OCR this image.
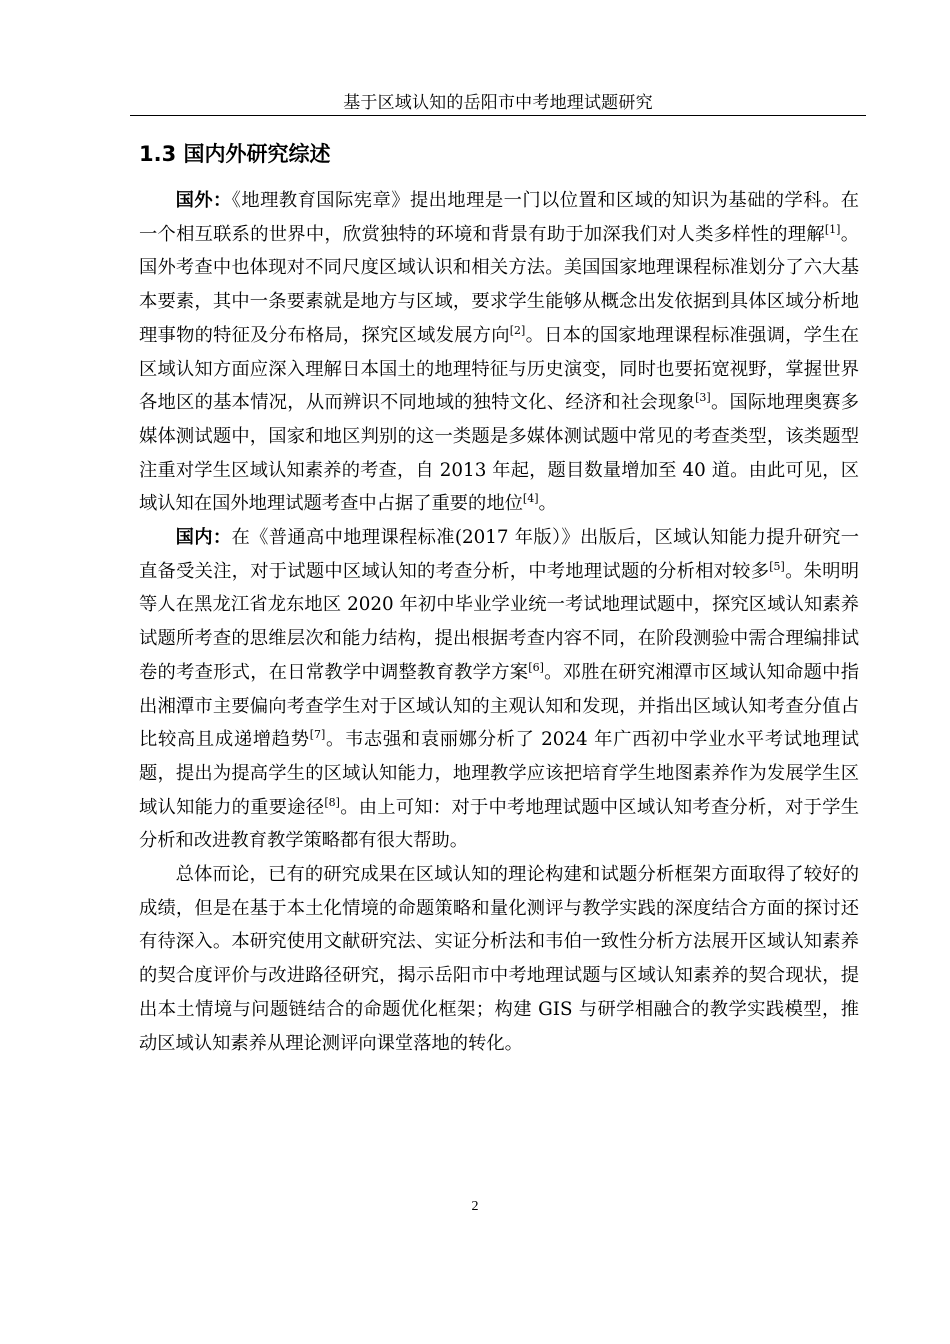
基于区域认知的岳阳市中考地理试题研究
1.3 国内外研究综述

国外：《地理教育国际宪章》提出地理是一门以位置和区域的知识为基础的学科。在一个相互联系的世界中，欣赏独特的环境和背景有助于加深我们对人类多样性的理解[1]。国外考查中也体现对不同尺度区域认识和相关方法。美国国家地理课程标准划分了六大基本要素，其中一条要素就是地方与区域，要求学生能够从概念出发依据到具体区域分析地理事物的特征及分布格局，探究区域发展方向[2]。日本的国家地理课程标准强调，学生在区域认知方面应深入理解日本国土的地理特征与历史演变，同时也要拓宽视野，掌握世界各地区的基本情况，从而辨识不同地域的独特文化、经济和社会现象[3]。国际地理奥赛多媒体测试题中，国家和地区判别的这一类题是多媒体测试题中常见的考查类型，该类题型注重对学生区域认知素养的考查，自 2013 年起，题目数量增加至 40 道。由此可见，区域认知在国外地理试题考查中占据了重要的地位[4]。

国内：在《普通高中地理课程标准(2017 年版）》出版后，区域认知能力提升研究一直备受关注，对于试题中区域认知的考查分析，中考地理试题的分析相对较多[5]。朱明明等人在黑龙江省龙东地区 2020 年初中毕业学业统一考试地理试题中，探究区域认知素养试题所考查的思维层次和能力结构，提出根据考查内容不同，在阶段测验中需合理编排试卷的考查形式，在日常教学中调整教育教学方案[6]。邓胜在研究湘潭市区域认知命题中指出湘潭市主要偏向考查学生对于区域认知的主观认知和发现，并指出区域认知考查分值占比较高且成递增趋势[7]。韦志强和袁丽娜分析了 2024 年广西初中学业水平考试地理试题，提出为提高学生的区域认知能力，地理教学应该把培育学生地图素养作为发展学生区域认知能力的重要途径[8]。由上可知：对于中考地理试题中区域认知考查分析，对于学生分析和改进教育教学策略都有很大帮助。

总体而论，已有的研究成果在区域认知的理论构建和试题分析框架方面取得了较好的成绩，但是在基于本土化情境的命题策略和量化测评与教学实践的深度结合方面的探讨还有待深入。本研究使用文献研究法、实证分析法和韦伯一致性分析方法展开区域认知素养的契合度评价与改进路径研究，揭示岳阳市中考地理试题与区域认知素养的契合现状，提出本土情境与问题链结合的命题优化框架；构建 GIS 与研学相融合的教学实践模型，推动区域认知素养从理论测评向课堂落地的转化。

2
